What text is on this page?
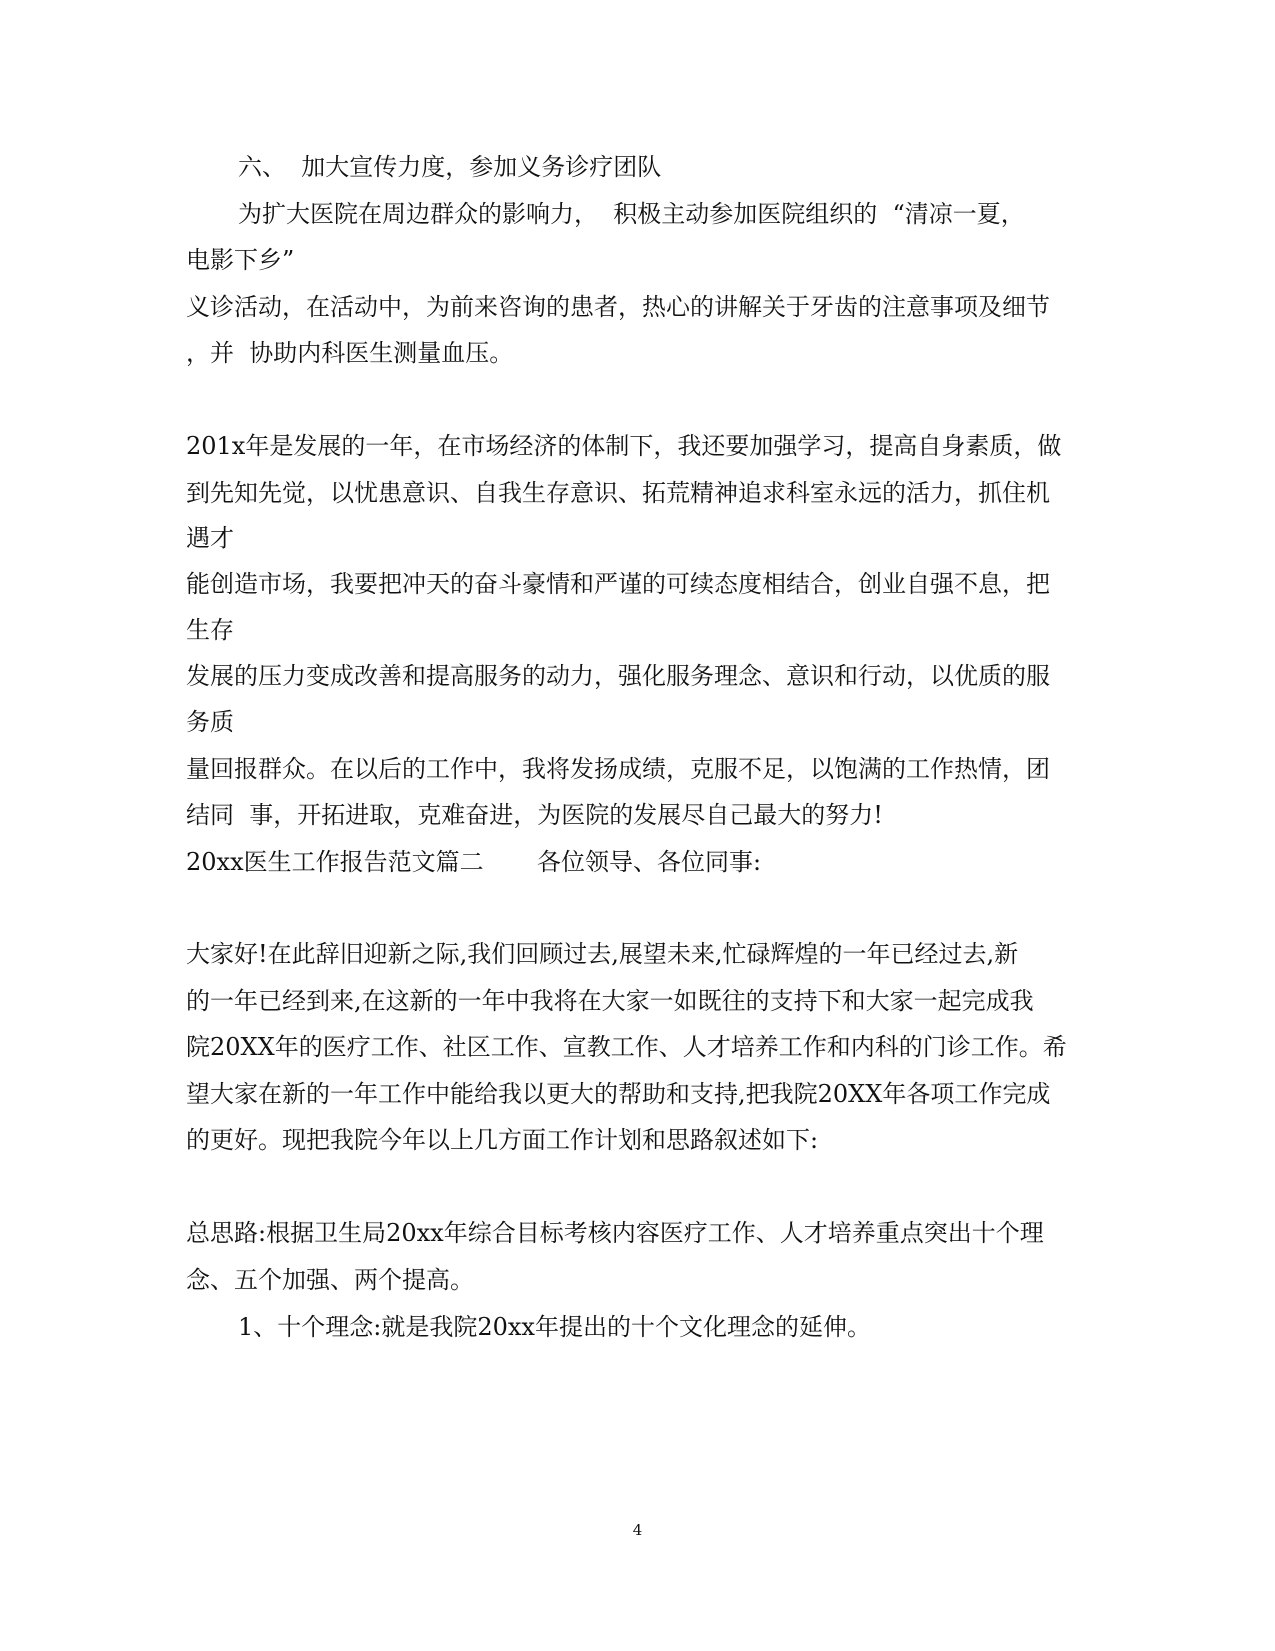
六、  加大宣传力度，参加义务诊疗团队
为扩大医院在周边群众的影响力，  积极主动参加医院组织的  “清凉一夏，
电影下乡”
义诊活动，在活动中，为前来咨询的患者，热心的讲解关于牙齿的注意事项及细节
，并  协助内科医生测量血压。
201x年是发展的一年，在市场经济的体制下，我还要加强学习，提高自身素质，做
到先知先觉，以忧患意识、自我生存意识、拓荒精神追求科室永远的活力，抓住机
遇才
能创造市场，我要把冲天的奋斗豪情和严谨的可续态度相结合，创业自强不息，把
生存
发展的压力变成改善和提高服务的动力，强化服务理念、意识和行动，以优质的服
务质
量回报群众。在以后的工作中，我将发扬成绩，克服不足，以饱满的工作热情，团
结同  事，开拓进取，克难奋进，为医院的发展尽自己最大的努力!
20xx医生工作报告范文篇二       各位领导、各位同事:
大家好!在此辞旧迎新之际,我们回顾过去,展望未来,忙碌辉煌的一年已经过去,新
的一年已经到来,在这新的一年中我将在大家一如既往的支持下和大家一起完成我
院20XX年的医疗工作、社区工作、宣教工作、人才培养工作和内科的门诊工作。希
望大家在新的一年工作中能给我以更大的帮助和支持,把我院20XX年各项工作完成
的更好。现把我院今年以上几方面工作计划和思路叙述如下:
总思路:根据卫生局20xx年综合目标考核内容医疗工作、人才培养重点突出十个理
念、五个加强、两个提高。
1、十个理念:就是我院20xx年提出的十个文化理念的延伸。
4
